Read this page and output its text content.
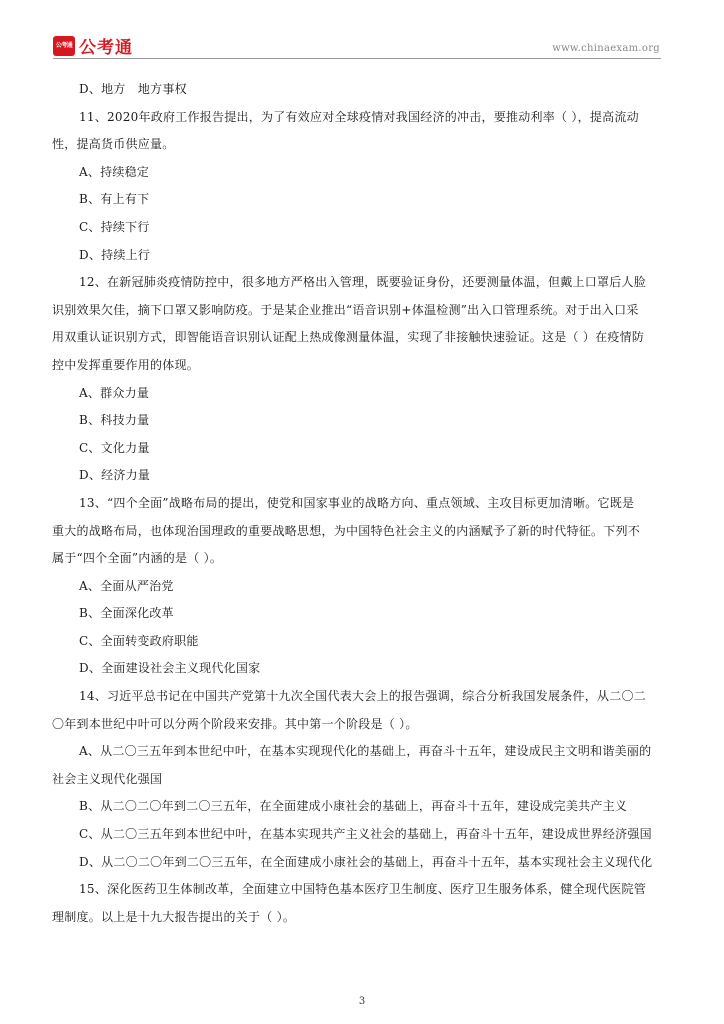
公考通 公考通	www.chinaexam.org
D、地方　地方事权
11、2020年政府工作报告提出，为了有效应对全球疫情对我国经济的冲击，要推动利率（ ），提高流动
性，提高货币供应量。
A、持续稳定
B、有上有下
C、持续下行
D、持续上行
12、在新冠肺炎疫情防控中，很多地方严格出入管理，既要验证身份，还要测量体温，但戴上口罩后人脸
识别效果欠佳，摘下口罩又影响防疫。于是某企业推出“语音识别+体温检测”出入口管理系统。对于出入口采
用双重认证识别方式，即智能语音识别认证配上热成像测量体温，实现了非接触快速验证。这是（ ）在疫情防
控中发挥重要作用的体现。
A、群众力量
B、科技力量
C、文化力量
D、经济力量
13、“四个全面”战略布局的提出，使党和国家事业的战略方向、重点领域、主攻目标更加清晰。它既是
重大的战略布局，也体现治国理政的重要战略思想，为中国特色社会主义的内涵赋予了新的时代特征。下列不
属于“四个全面”内涵的是（ ）。
A、全面从严治党
B、全面深化改革
C、全面转变政府职能
D、全面建设社会主义现代化国家
14、习近平总书记在中国共产党第十九次全国代表大会上的报告强调，综合分析我国发展条件，从二〇二
〇年到本世纪中叶可以分两个阶段来安排。其中第一个阶段是（ ）。
A、从二〇三五年到本世纪中叶，在基本实现现代化的基础上，再奋斗十五年，建设成民主文明和谐美丽的
社会主义现代化强国
B、从二〇二〇年到二〇三五年，在全面建成小康社会的基础上，再奋斗十五年，建设成完美共产主义
C、从二〇三五年到本世纪中叶，在基本实现共产主义社会的基础上，再奋斗十五年，建设成世界经济强国
D、从二〇二〇年到二〇三五年，在全面建成小康社会的基础上，再奋斗十五年，基本实现社会主义现代化
15、深化医药卫生体制改革，全面建立中国特色基本医疗卫生制度、医疗卫生服务体系，健全现代医院管
理制度。以上是十九大报告提出的关于（ ）。
3
